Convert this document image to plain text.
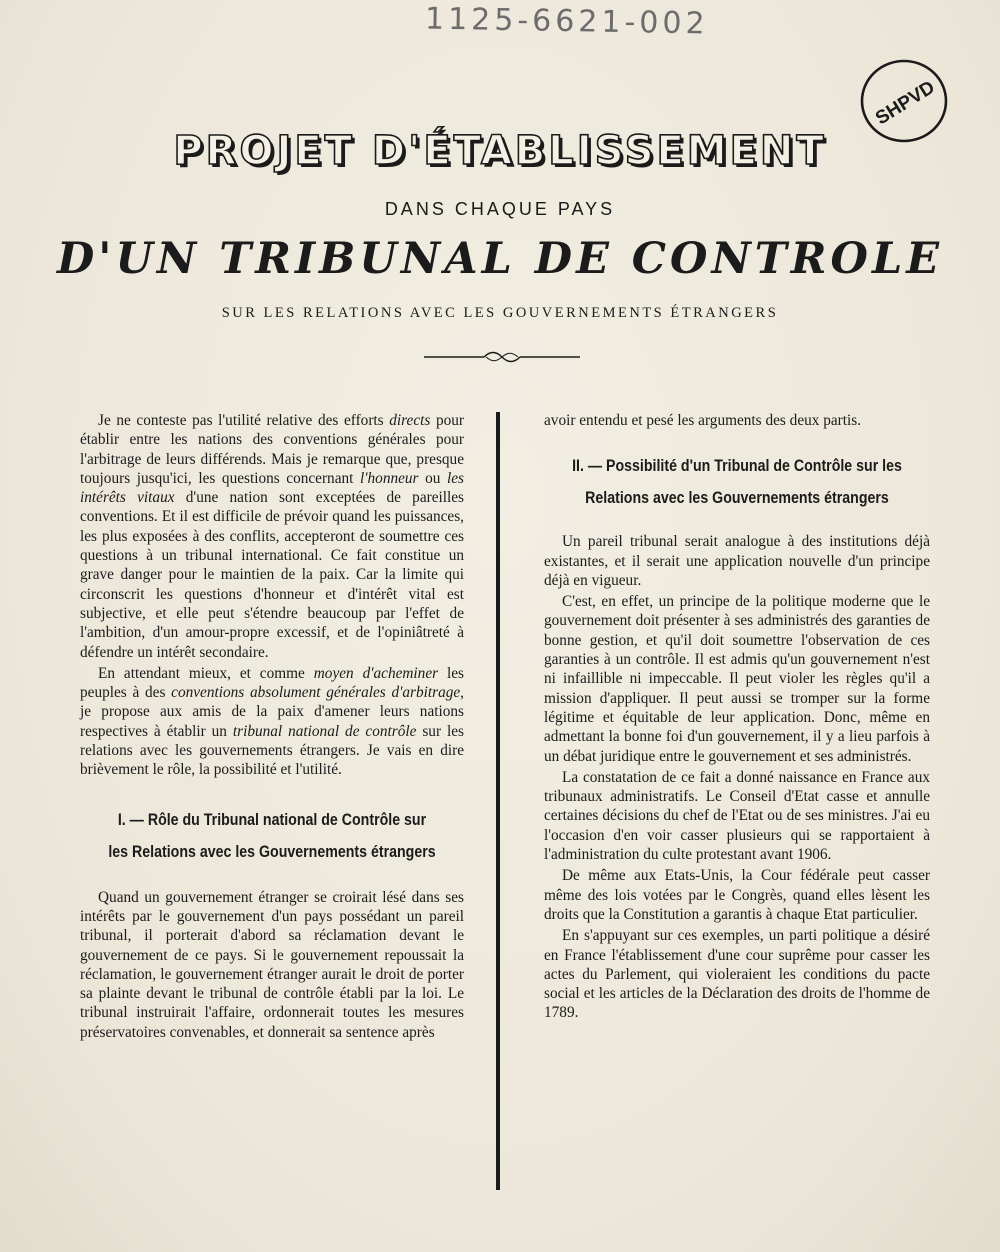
1125-6621-002
SHPVD
PROJET D'ÉTABLISSEMENT
DANS CHAQUE PAYS
D'UN TRIBUNAL DE CONTROLE
SUR LES RELATIONS AVEC LES GOUVERNEMENTS ÉTRANGERS

Je ne conteste pas l'utilité relative des efforts directs pour établir entre les nations des conventions générales pour l'arbitrage de leurs différends. Mais je remarque que, presque toujours jusqu'ici, les questions concernant l'honneur ou les intérêts vitaux d'une nation sont exceptées de pareilles conventions. Et il est difficile de prévoir quand les puissances, les plus exposées à des conflits, accepteront de soumettre ces questions à un tribunal international. Ce fait constitue un grave danger pour le maintien de la paix. Car la limite qui circonscrit les questions d'honneur et d'intérêt vital est subjective, et elle peut s'étendre beaucoup par l'effet de l'ambition, d'un amour-propre excessif, et de l'opiniâtreté à défendre un intérêt secondaire.

En attendant mieux, et comme moyen d'acheminer les peuples à des conventions absolument générales d'arbitrage, je propose aux amis de la paix d'amener leurs nations respectives à établir un tribunal national de contrôle sur les relations avec les gouvernements étrangers. Je vais en dire brièvement le rôle, la possibilité et l'utilité.

I. — Rôle du Tribunal national de Contrôle sur
les Relations avec les Gouvernements étrangers

Quand un gouvernement étranger se croirait lésé dans ses intérêts par le gouvernement d'un pays possédant un pareil tribunal, il porterait d'abord sa réclamation devant le gouvernement de ce pays. Si le gouvernement repoussait la réclamation, le gouvernement étranger aurait le droit de porter sa plainte devant le tribunal de contrôle établi par la loi. Le tribunal instruirait l'affaire, ordonnerait toutes les mesures préservatoires convenables, et donnerait sa sentence après

avoir entendu et pesé les arguments des deux partis.

II. — Possibilité d'un Tribunal de Contrôle sur les
Relations avec les Gouvernements étrangers

Un pareil tribunal serait analogue à des institutions déjà existantes, et il serait une application nouvelle d'un principe déjà en vigueur.

C'est, en effet, un principe de la politique moderne que le gouvernement doit présenter à ses administrés des garanties de bonne gestion, et qu'il doit soumettre l'observation de ces garanties à un contrôle. Il est admis qu'un gouvernement n'est ni infaillible ni impeccable. Il peut violer les règles qu'il a mission d'appliquer. Il peut aussi se tromper sur la forme légitime et équitable de leur application. Donc, même en admettant la bonne foi d'un gouvernement, il y a lieu parfois à un débat juridique entre le gouvernement et ses administrés.

La constatation de ce fait a donné naissance en France aux tribunaux administratifs. Le Conseil d'Etat casse et annulle certaines décisions du chef de l'Etat ou de ses ministres. J'ai eu l'occasion d'en voir casser plusieurs qui se rapportaient à l'administration du culte protestant avant 1906.

De même aux Etats-Unis, la Cour fédérale peut casser même des lois votées par le Congrès, quand elles lèsent les droits que la Constitution a garantis à chaque Etat particulier.

En s'appuyant sur ces exemples, un parti politique a désiré en France l'établissement d'une cour suprême pour casser les actes du Parlement, qui violeraient les conditions du pacte social et les articles de la Déclaration des droits de l'homme de 1789.
